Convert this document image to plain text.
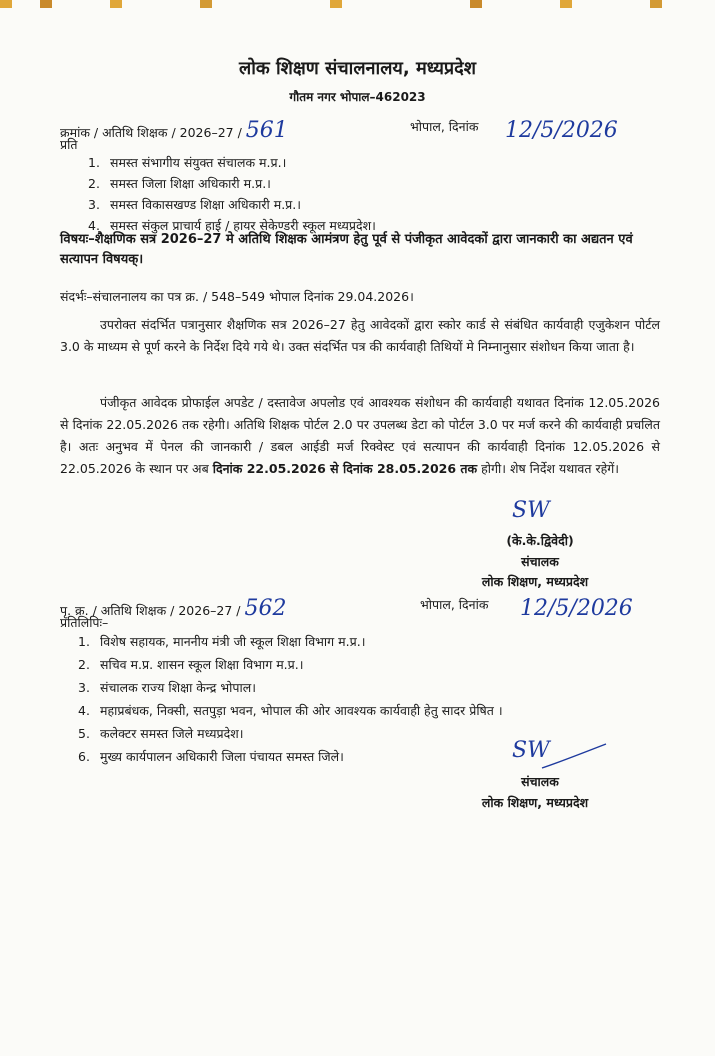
लोक शिक्षण संचालनालय, मध्यप्रदेश
गौतम नगर भोपाल–462023
क्रमांक / अतिथि शिक्षक / 2026–27 / 561	भोपाल, दिनांक 12/5/2026
प्रति
1. समस्त संभागीय संयुक्त संचालक म.प्र.।
2. समस्त जिला शिक्षा अधिकारी म.प्र.।
3. समस्त विकासखण्ड शिक्षा अधिकारी म.प्र.।
4. समस्त संकुल प्राचार्य हाई / हायर सेकेण्डरी स्कूल मध्यप्रदेश।
विषयः–शैक्षणिक सत्र 2026–27 मे अतिथि शिक्षक आमंत्रण हेतु पूर्व से पंजीकृत आवेदकों द्वारा जानकारी का अद्यतन एवं सत्यापन विषयक्।
संदर्भः–संचालनालय का पत्र क्र. / 548–549 भोपाल दिनांक 29.04.2026।

उपरोक्त संदर्भित पत्रानुसार शैक्षणिक सत्र 2026–27 हेतु आवेदकों द्वारा स्कोर कार्ड से संबंधित कार्यवाही एजुकेशन पोर्टल 3.0 के माध्यम से पूर्ण करने के निर्देश दिये गये थे। उक्त संदर्भित पत्र की कार्यवाही तिथियों मे निम्नानुसार संशोधन किया जाता है।

पंजीकृत आवेदक प्रोफाईल अपडेट / दस्तावेज अपलोड एवं आवश्यक संशोधन की कार्यवाही यथावत दिनांक 12.05.2026 से दिनांक 22.05.2026 तक रहेगी। अतिथि शिक्षक पोर्टल 2.0 पर उपलब्ध डेटा को पोर्टल 3.0 पर मर्ज करने की कार्यवाही प्रचलित है। अतः अनुभव में पेनल की जानकारी / डबल आईडी मर्ज रिक्वेस्ट एवं सत्यापन की कार्यवाही दिनांक 12.05.2026 से 22.05.2026 के स्थान पर अब दिनांक 22.05.2026 से दिनांक 28.05.2026 तक होगी। शेष निर्देश यथावत रहेगें।

SW
(के.के.द्विवेदी)
संचालक
लोक शिक्षण, मध्यप्रदेश
पृ. क्र. / अतिथि शिक्षक / 2026–27 / 562	भोपाल, दिनांक 12/5/2026
प्रतिलिपिः–
1. विशेष सहायक, माननीय मंत्री जी स्कूल शिक्षा विभाग म.प्र.।
2. सचिव म.प्र. शासन स्कूल शिक्षा विभाग म.प्र.।
3. संचालक राज्य शिक्षा केन्द्र भोपाल।
4. महाप्रबंधक, निक्सी, सतपुड़ा भवन, भोपाल की ओर आवश्यक कार्यवाही हेतु सादर प्रेषित ।
5. कलेक्टर समस्त जिले मध्यप्रदेश।
6. मुख्य कार्यपालन अधिकारी जिला पंचायत समस्त जिले।	SW
संचालक
लोक शिक्षण, मध्यप्रदेश
